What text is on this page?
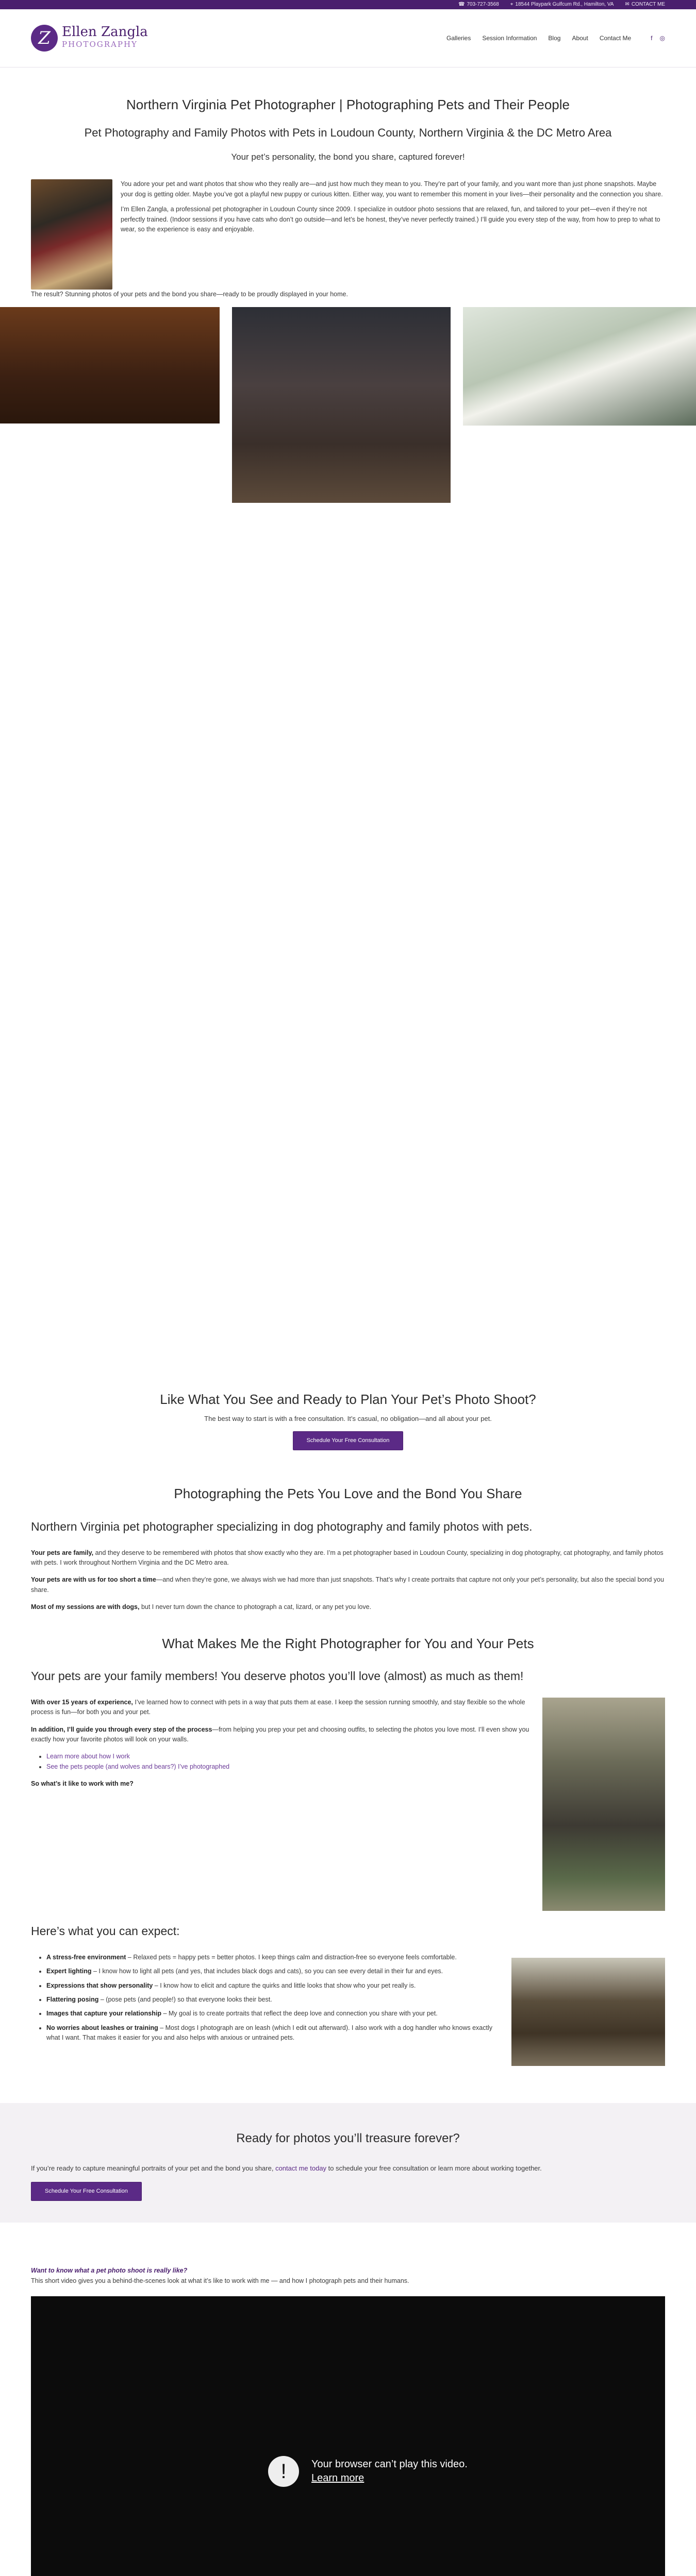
☎ 703-727-3568 ⌖ 18544 Playpark Gulfcum Rd., Hamilton, VA ✉ CONTACT ME
Z Ellen Zangla
PHOTOGRAPHY
Galleries Session Information Blog About Contact Me	f ◎
Northern Virginia Pet Photographer | Photographing Pets and Their People
Pet Photography and Family Photos with Pets in Loudoun County, Northern Virginia & the DC Metro Area
Your pet’s personality, the bond you share, captured forever!

You adore your pet and want photos that show who they really are—and just how much they mean to you. They’re part of your family, and you want more than just phone snapshots. Maybe your dog is getting older. Maybe you’ve got a playful new puppy or curious kitten. Either way, you want to remember this moment in your lives—their personality and the connection you share.

I’m Ellen Zangla, a professional pet photographer in Loudoun County since 2009. I specialize in outdoor photo sessions that are relaxed, fun, and tailored to your pet—even if they’re not perfectly trained. (Indoor sessions if you have cats who don’t go outside—and let’s be honest, they’ve never perfectly trained.) I’ll guide you every step of the way, from how to prep to what to wear, so the experience is easy and enjoyable.

The result? Stunning photos of your pets and the bond you share—ready to be proudly displayed in your home.

Like What You See and Ready to Plan Your Pet’s Photo Shoot?

The best way to start is with a free consultation. It’s casual, no obligation—and all about your pet.

Schedule Your Free Consultation
Photographing the Pets You Love and the Bond You Share
Northern Virginia pet photographer specializing in dog photography and family photos with pets.

Your pets are family, and they deserve to be remembered with photos that show exactly who they are. I’m a pet photographer based in Loudoun County, specializing in dog photography, cat photography, and family photos with pets. I work throughout Northern Virginia and the DC Metro area.

Your pets are with us for too short a time—and when they’re gone, we always wish we had more than just snapshots. That’s why I create portraits that capture not only your pet’s personality, but also the special bond you share.

Most of my sessions are with dogs, but I never turn down the chance to photograph a cat, lizard, or any pet you love.

What Makes Me the Right Photographer for You and Your Pets
Your pets are your family members! You deserve photos you’ll love (almost) as much as them!

With over 15 years of experience, I’ve learned how to connect with pets in a way that puts them at ease. I keep the session running smoothly, and stay flexible so the whole process is fun—for both you and your pet.

In addition, I’ll guide you through every step of the process—from helping you prep your pet and choosing outfits, to selecting the photos you love most. I’ll even show you exactly how your favorite photos will look on your walls.

• Learn more about how I work
• See the pets people (and wolves and bears?) I’ve photographed

So what’s it like to work with me?

Here’s what you can expect:
• A stress-free environment – Relaxed pets = happy pets = better photos. I keep things calm and distraction-free so everyone feels comfortable.
• Expert lighting – I know how to light all pets (and yes, that includes black dogs and cats), so you can see every detail in their fur and eyes.
• Expressions that show personality – I know how to elicit and capture the quirks and little looks that show who your pet really is.
• Flattering posing – (pose pets (and people!) so that everyone looks their best.
• Images that capture your relationship – My goal is to create portraits that reflect the deep love and connection you share with your pet.
• No worries about leashes or training – Most dogs I photograph are on leash (which I edit out afterward). I also work with a dog handler who knows exactly what I want. That makes it easier for you and also helps with anxious or untrained pets.
Ready for photos you’ll treasure forever?

If you’re ready to capture meaningful portraits of your pet and the bond you share, contact me today to schedule your free consultation or learn more about working together.

Schedule Your Free Consultation
Want to know what a pet photo shoot is really like?
This short video gives you a behind-the-scenes look at what it’s like to work with me — and how I photograph pets and their humans.
!	Your browser can’t play this video.
Learn more
